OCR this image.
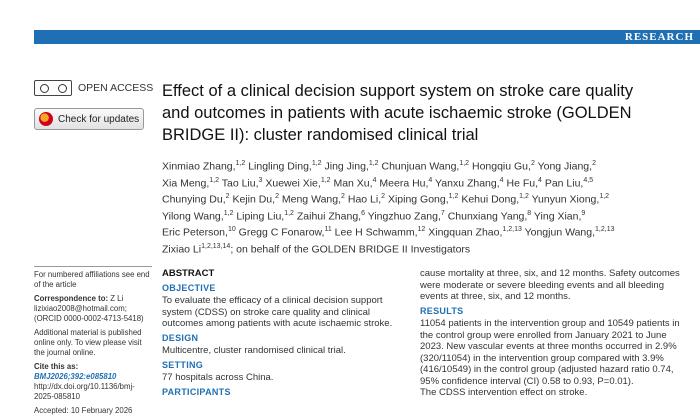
RESEARCH
OPEN ACCESS
Check for updates
Effect of a clinical decision support system on stroke care quality
and outcomes in patients with acute ischaemic stroke (GOLDEN
BRIDGE II): cluster randomised clinical trial
Xinmiao Zhang,$^{1,2}$ Lingling Ding,$^{1,2}$ Jing Jing,$^{1,2}$ Chunjuan Wang,$^{1,2}$ Hongqiu Gu,$^2$ Yong Jiang,$^2$
Xia Meng,$^{1,2}$ Tao Liu,$^3$ Xuewei Xie,$^{1,2}$ Man Xu,$^4$ Meera Hu,$^4$ Yanxu Zhang,$^4$ He Fu,$^4$ Pan Liu,$^{4,5}$
Chunying Du,$^2$ Kejin Du,$^2$ Meng Wang,$^2$ Hao Li,$^2$ Xiping Gong,$^{1,2}$ Kehui Dong,$^{1,2}$ Yunyun Xiong,$^{1,2}$
Yilong Wang,$^{1,2}$ Liping Liu,$^{1,2}$ Zaihui Zhang,$^6$ Yingzhuo Zang,$^7$ Chunxiang Yang,$^8$ Ying Xian,$^9$
Eric Peterson,$^{10}$ Gregg C Fonarow,$^{11}$ Lee H Schwamm,$^{12}$ Xingquan Zhao,$^{1,2,13}$ Yongjun Wang,$^{1,2,13}$
Zixiao Li$^{1,2,13,14}$; on behalf of the GOLDEN BRIDGE II Investigators

For numbered affiliations see end of the article

Correspondence to: Z Li
lizixiao2008@hotmail.com;
(ORCID 0000-0002-4713-5418)

Additional material is published online only. To view please visit the journal online.

Cite this as: BMJ2026;392:e085810
http://dx.doi.org/10.1136/bmj-2025-085810

Accepted: 10 February 2026

ABSTRACT

OBJECTIVE

To evaluate the efficacy of a clinical decision support system (CDSS) on stroke care quality and clinical outcomes among patients with acute ischaemic stroke.

DESIGN

Multicentre, cluster randomised clinical trial.

SETTING

77 hospitals across China.

PARTICIPANTS

cause mortality at three, six, and 12 months. Safety outcomes were moderate or severe bleeding events and all bleeding events at three, six, and 12 months.

RESULTS

11054 patients in the intervention group and 10549 patients in the control group were enrolled from January 2021 to June 2023. New vascular events at three months occurred in 2.9% (320/11054) in the intervention group compared with 3.9% (416/10549) in the control group (adjusted hazard ratio 0.74, 95% confidence interval (CI) 0.58 to 0.93, P=0.01).

The CDSS intervention effect on stroke.
